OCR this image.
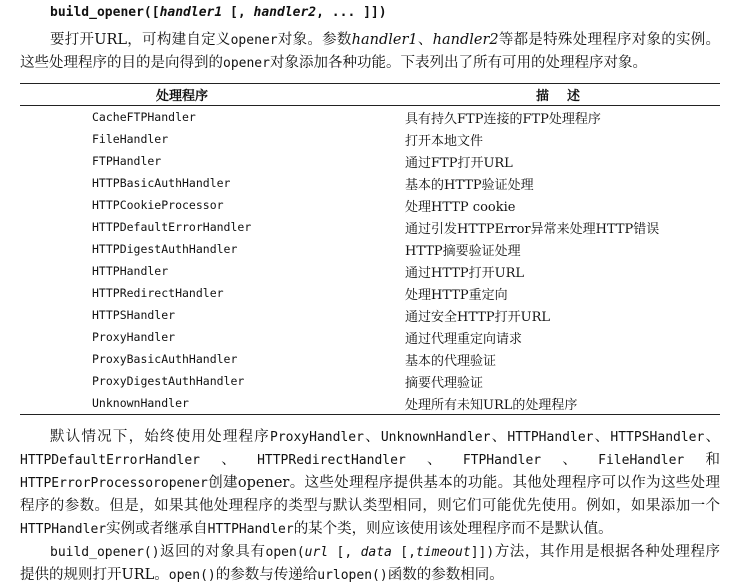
build_opener([handler1 [, handler2, ... ]])

要打开URL，可构建自定义opener对象。参数handler1、handler2等都是特殊处理程序对象的实例。这些处理程序的目的是向得到的opener对象添加各种功能。下表列出了所有可用的处理程序对象。

处理程序	描述
CacheFTPHandler	具有持久FTP连接的FTP处理程序
FileHandler	打开本地文件
FTPHandler	通过FTP打开URL
HTTPBasicAuthHandler	基本的HTTP验证处理
HTTPCookieProcessor	处理HTTP cookie
HTTPDefaultErrorHandler	通过引发HTTPError异常来处理HTTP错误
HTTPDigestAuthHandler	HTTP摘要验证处理
HTTPHandler	通过HTTP打开URL
HTTPRedirectHandler	处理HTTP重定向
HTTPSHandler	通过安全HTTP打开URL
ProxyHandler	通过代理重定向请求
ProxyBasicAuthHandler	基本的代理验证
ProxyDigestAuthHandler	摘要代理验证
UnknownHandler	处理所有未知URL的处理程序

默认情况下，始终使用处理程序ProxyHandler、UnknownHandler、HTTPHandler、HTTPSHandler、HTTPDefaultErrorHandler、HTTPRedirectHandler、FTPHandler、FileHandler和HTTPErrorProcessoropener创建opener。这些处理程序提供基本的功能。其他处理程序可以作为这些处理程序的参数。但是，如果其他处理程序的类型与默认类型相同，则它们可能优先使用。例如，如果添加一个HTTPHandler实例或者继承自HTTPHandler的某个类，则应该使用该处理程序而不是默认值。

build_opener()返回的对象具有open(url [, data [,timeout]])方法，其作用是根据各种处理程序提供的规则打开URL。open()的参数与传递给urlopen()函数的参数相同。
